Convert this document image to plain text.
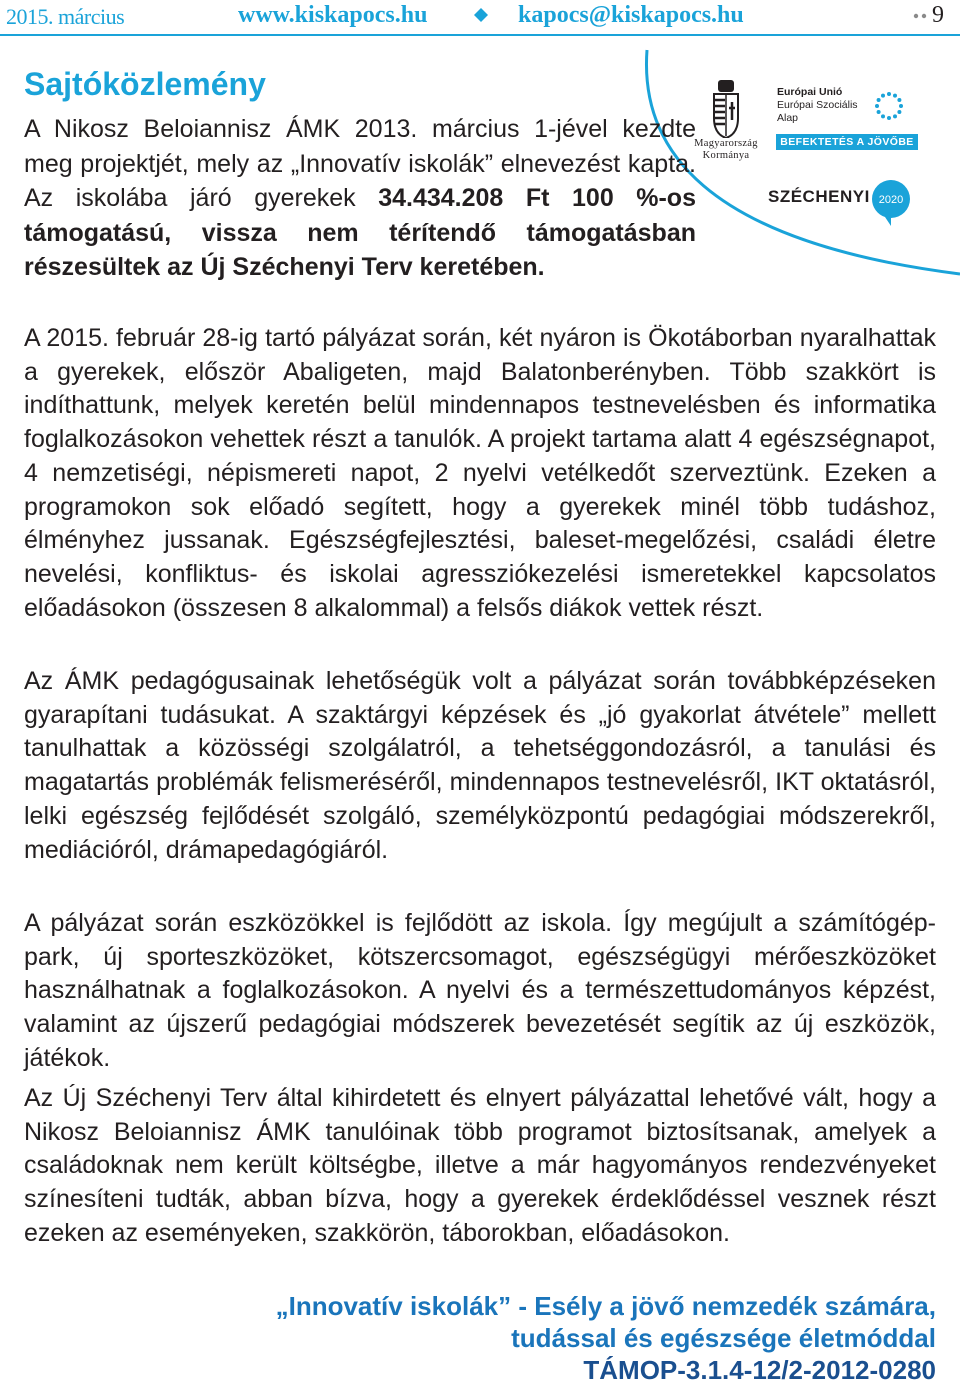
2015. március	www.kiskapocs.hu	kapocs@kiskapocs.hu	9
Sajtóközlemény

A Nikosz Beloiannisz ÁMK 2013. március 1-jével kezdte meg projektjét, mely az „Innovatív iskolák” elnevezést kapta. Az iskolába járó gyerekek 34.434.208 Ft 100 %-os támogatású, vissza nem térítendő támogatásban részesültek az Új Széchenyi Terv keretében.

Magyarország
Kormánya
Európai Unió
Európai Szociális
Alap
BEFEKTETÉS A JÖVŐBE
SZÉCHENYI 2020

A 2015. február 28-ig tartó pályázat során, két nyáron is Ökotáborban nyaralhattak a gyerekek, először Abaligeten, majd Balatonberényben. Több szakkört is indíthattunk, melyek keretén belül mindennapos testnevelésben és informatika foglalkozásokon vehettek részt a tanulók. A projekt tartama alatt 4 egészségnapot, 4 nemzetiségi, népismereti napot, 2 nyelvi vetélkedőt szerveztünk. Ezeken a programokon sok előadó segített, hogy a gyerekek minél több tudáshoz, élményhez jussanak. Egészségfejlesztési, baleset-megelőzési, családi életre nevelési, konfliktus- és iskolai agressziókezelési ismeretekkel kapcsolatos előadásokon (összesen 8 alkalommal) a felsős diákok vettek részt.

Az ÁMK pedagógusainak lehetőségük volt a pályázat során továbbképzéseken gyarapítani tudásukat. A szaktárgyi képzések és „jó gyakorlat átvétele” mellett tanulhattak a közösségi szolgálatról, a tehetséggondozásról, a tanulási és magatartás problémák felismeréséről, mindennapos testnevelésről, IKT oktatásról, lelki egészség fejlődését szolgáló, személyközpontú pedagógiai módszerekről, mediációról, drámapedagógiáról.

A pályázat során eszközökkel is fejlődött az iskola. Így megújult a számítógép-park, új sporteszközöket, kötszercsomagot, egészségügyi mérőeszközöket használhatnak a foglalkozásokon. A nyelvi és a természettudományos képzést, valamint az újszerű pedagógiai módszerek bevezetését segítik az új eszközök, játékok.

Az Új Széchenyi Terv által kihirdetett és elnyert pályázattal lehetővé vált, hogy a Nikosz Beloiannisz ÁMK tanulóinak több programot biztosítsanak, amelyek a családoknak nem került költségbe, illetve a már hagyományos rendezvényeket színesíteni tudták, abban bízva, hogy a gyerekek érdeklődéssel vesznek részt ezeken az eseményeken, szakkörön, táborokban, előadásokon.

„Innovatív iskolák” - Esély a jövő nemzedék számára,
tudással és egészsége életmóddal
TÁMOP-3.1.4-12/2-2012-0280
